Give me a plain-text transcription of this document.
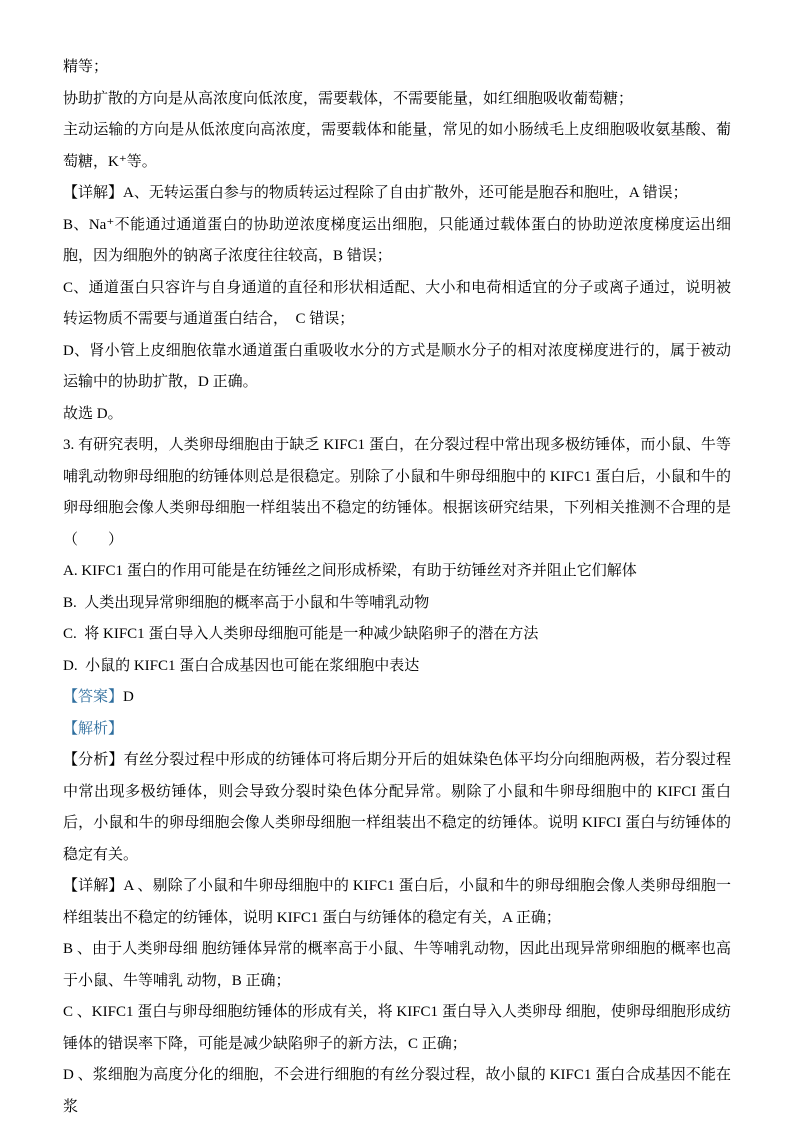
精等；

协助扩散的方向是从高浓度向低浓度，需要载体，不需要能量，如红细胞吸收葡萄糖；

主动运输的方向是从低浓度向高浓度，需要载体和能量，常见的如小肠绒毛上皮细胞吸收氨基酸、葡萄糖，K⁺等。

【详解】A、无转运蛋白参与的物质转运过程除了自由扩散外，还可能是胞吞和胞吐，A 错误；

B、Na⁺不能通过通道蛋白的协助逆浓度梯度运出细胞，只能通过载体蛋白的协助逆浓度梯度运出细胞，因为细胞外的钠离子浓度往往较高，B 错误；

C、通道蛋白只容许与自身通道的直径和形状相适配、大小和电荷相适宜的分子或离子通过，说明被转运物质不需要与通道蛋白结合，  C 错误；

D、肾小管上皮细胞依靠水通道蛋白重吸收水分的方式是顺水分子的相对浓度梯度进行的，属于被动运输中的协助扩散，D 正确。

故选 D。

3. 有研究表明，人类卵母细胞由于缺乏 KIFC1 蛋白，在分裂过程中常出现多极纺锤体，而小鼠、牛等哺乳动物卵母细胞的纺锤体则总是很稳定。别除了小鼠和牛卵母细胞中的 KIFC1 蛋白后，小鼠和牛的卵母细胞会像人类卵母细胞一样组装出不稳定的纺锤体。根据该研究结果，下列相关推测不合理的是（　　）

A. KIFC1 蛋白的作用可能是在纺锤丝之间形成桥梁，有助于纺锤丝对齐并阻止它们解体

B.  人类出现异常卵细胞的概率高于小鼠和牛等哺乳动物

C.  将 KIFC1 蛋白导入人类卵母细胞可能是一种减少缺陷卵子的潜在方法

D.  小鼠的 KIFC1 蛋白合成基因也可能在浆细胞中表达

【答案】D

【解析】

【分析】有丝分裂过程中形成的纺锤体可将后期分开后的姐妹染色体平均分向细胞两极，若分裂过程中常出现多极纺锤体，则会导致分裂时染色体分配异常。剔除了小鼠和牛卵母细胞中的 KIFCI 蛋白后，小鼠和牛的卵母细胞会像人类卵母细胞一样组装出不稳定的纺锤体。说明 KIFCI 蛋白与纺锤体的稳定有关。

【详解】A 、剔除了小鼠和牛卵母细胞中的 KIFC1 蛋白后，小鼠和牛的卵母细胞会像人类卵母细胞一样组装出不稳定的纺锤体，说明 KIFC1 蛋白与纺锤体的稳定有关，A 正确；

B 、由于人类卵母细 胞纺锤体异常的概率高于小鼠、牛等哺乳动物，因此出现异常卵细胞的概率也高于小鼠、牛等哺乳 动物，B 正确；

C 、KIFC1 蛋白与卵母细胞纺锤体的形成有关，将 KIFC1 蛋白导入人类卵母 细胞，使卵母细胞形成纺锤体的错误率下降，可能是减少缺陷卵子的新方法，C 正确；

D 、浆细胞为高度分化的细胞，不会进行细胞的有丝分裂过程，故小鼠的 KIFC1 蛋白合成基因不能在浆
